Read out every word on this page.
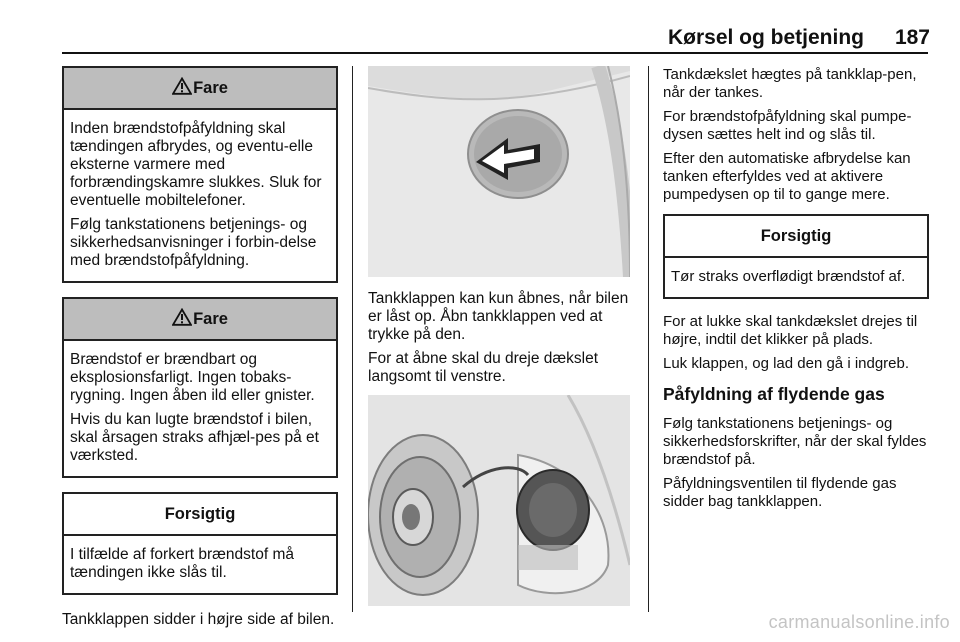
Kørsel og betjening	187
Fare

Inden brændstofpåfyldning skal tændingen afbrydes, og eventu-elle eksterne varmere med forbrændingskamre slukkes. Sluk for eventuelle mobiltelefoner.

Følg tankstationens betjenings- og sikkerhedsanvisninger i forbin-delse med brændstofpåfyldning.

Fare

Brændstof er brændbart og eksplosionsfarligt. Ingen tobaks-rygning. Ingen åben ild eller gnister.

Hvis du kan lugte brændstof i bilen, skal årsagen straks afhjæl-pes på et værksted.

Forsigtig

I tilfælde af forkert brændstof må tændingen ikke slås til.

Tankklappen sidder i højre side af bilen.

Tankklappen kan kun åbnes, når bilen er låst op. Åbn tankklappen ved at trykke på den.

For at åbne skal du dreje dækslet langsomt til venstre.

Tankdækslet hægtes på tankklap-pen, når der tankes.

For brændstofpåfyldning skal pumpe-dysen sættes helt ind og slås til.

Efter den automatiske afbrydelse kan tanken efterfyldes ved at aktivere pumpedysen op til to gange mere.

Forsigtig

Tør straks overflødigt brændstof af.

For at lukke skal tankdækslet drejes til højre, indtil det klikker på plads.

Luk klappen, og lad den gå i indgreb.

Påfyldning af flydende gas

Følg tankstationens betjenings- og sikkerhedsforskrifter, når der skal fyldes brændstof på.

Påfyldningsventilen til flydende gas sidder bag tankklappen.

carmanualsonline.info
